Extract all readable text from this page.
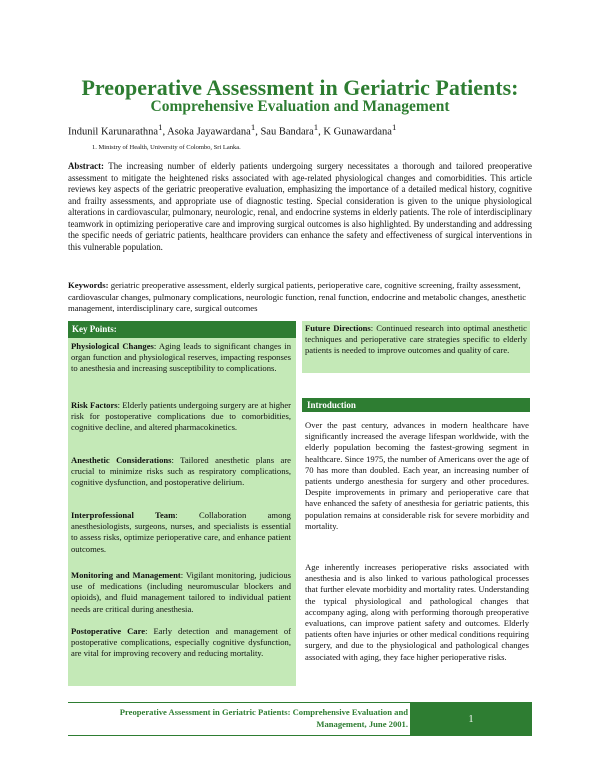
Preoperative Assessment in Geriatric Patients:
Comprehensive Evaluation and Management
Indunil Karunarathna$^1$, Asoka Jayawardana$^1$, Sau Bandara$^1$, K Gunawardana$^1$
1. Ministry of Health, University of Colombo, Sri Lanka.

Abstract: The increasing number of elderly patients undergoing surgery necessitates a thorough and tailored preoperative assessment to mitigate the heightened risks associated with age-related physiological changes and comorbidities. This article reviews key aspects of the geriatric preoperative evaluation, emphasizing the importance of a detailed medical history, cognitive and frailty assessments, and appropriate use of diagnostic testing. Special consideration is given to the unique physiological alterations in cardiovascular, pulmonary, neurologic, renal, and endocrine systems in elderly patients. The role of interdisciplinary teamwork in optimizing perioperative care and improving surgical outcomes is also highlighted. By understanding and addressing the specific needs of geriatric patients, healthcare providers can enhance the safety and effectiveness of surgical interventions in this vulnerable population.

Keywords: geriatric preoperative assessment, elderly surgical patients, perioperative care, cognitive screening, frailty assessment, cardiovascular changes, pulmonary complications, neurologic function, renal function, endocrine and metabolic changes, anesthetic management, interdisciplinary care, surgical outcomes

Key Points:

Physiological Changes: Aging leads to significant changes in organ function and physiological reserves, impacting responses to anesthesia and increasing susceptibility to complications.

Risk Factors: Elderly patients undergoing surgery are at higher risk for postoperative complications due to comorbidities, cognitive decline, and altered pharmacokinetics.

Anesthetic Considerations: Tailored anesthetic plans are crucial to minimize risks such as respiratory complications, cognitive dysfunction, and postoperative delirium.

Interprofessional Team: Collaboration among anesthesiologists, surgeons, nurses, and specialists is essential to assess risks, optimize perioperative care, and enhance patient outcomes.

Monitoring and Management: Vigilant monitoring, judicious use of medications (including neuromuscular blockers and opioids), and fluid management tailored to individual patient needs are critical during anesthesia.

Postoperative Care: Early detection and management of postoperative complications, especially cognitive dysfunction, are vital for improving recovery and reducing mortality.

Future Directions: Continued research into optimal anesthetic techniques and perioperative care strategies specific to elderly patients is needed to improve outcomes and quality of care.

Introduction

Over the past century, advances in modern healthcare have significantly increased the average lifespan worldwide, with the elderly population becoming the fastest-growing segment in healthcare. Since 1975, the number of Americans over the age of 70 has more than doubled. Each year, an increasing number of patients undergo anesthesia for surgery and other procedures. Despite improvements in primary and perioperative care that have enhanced the safety of anesthesia for geriatric patients, this population remains at considerable risk for severe morbidity and mortality.

Age inherently increases perioperative risks associated with anesthesia and is also linked to various pathological processes that further elevate morbidity and mortality rates. Understanding the typical physiological and pathological changes that accompany aging, along with performing thorough preoperative evaluations, can improve patient safety and outcomes. Elderly patients often have injuries or other medical conditions requiring surgery, and due to the physiological and pathological changes associated with aging, they face higher perioperative risks.

Preoperative Assessment in Geriatric Patients: Comprehensive Evaluation and
Management, June 2001.	1
